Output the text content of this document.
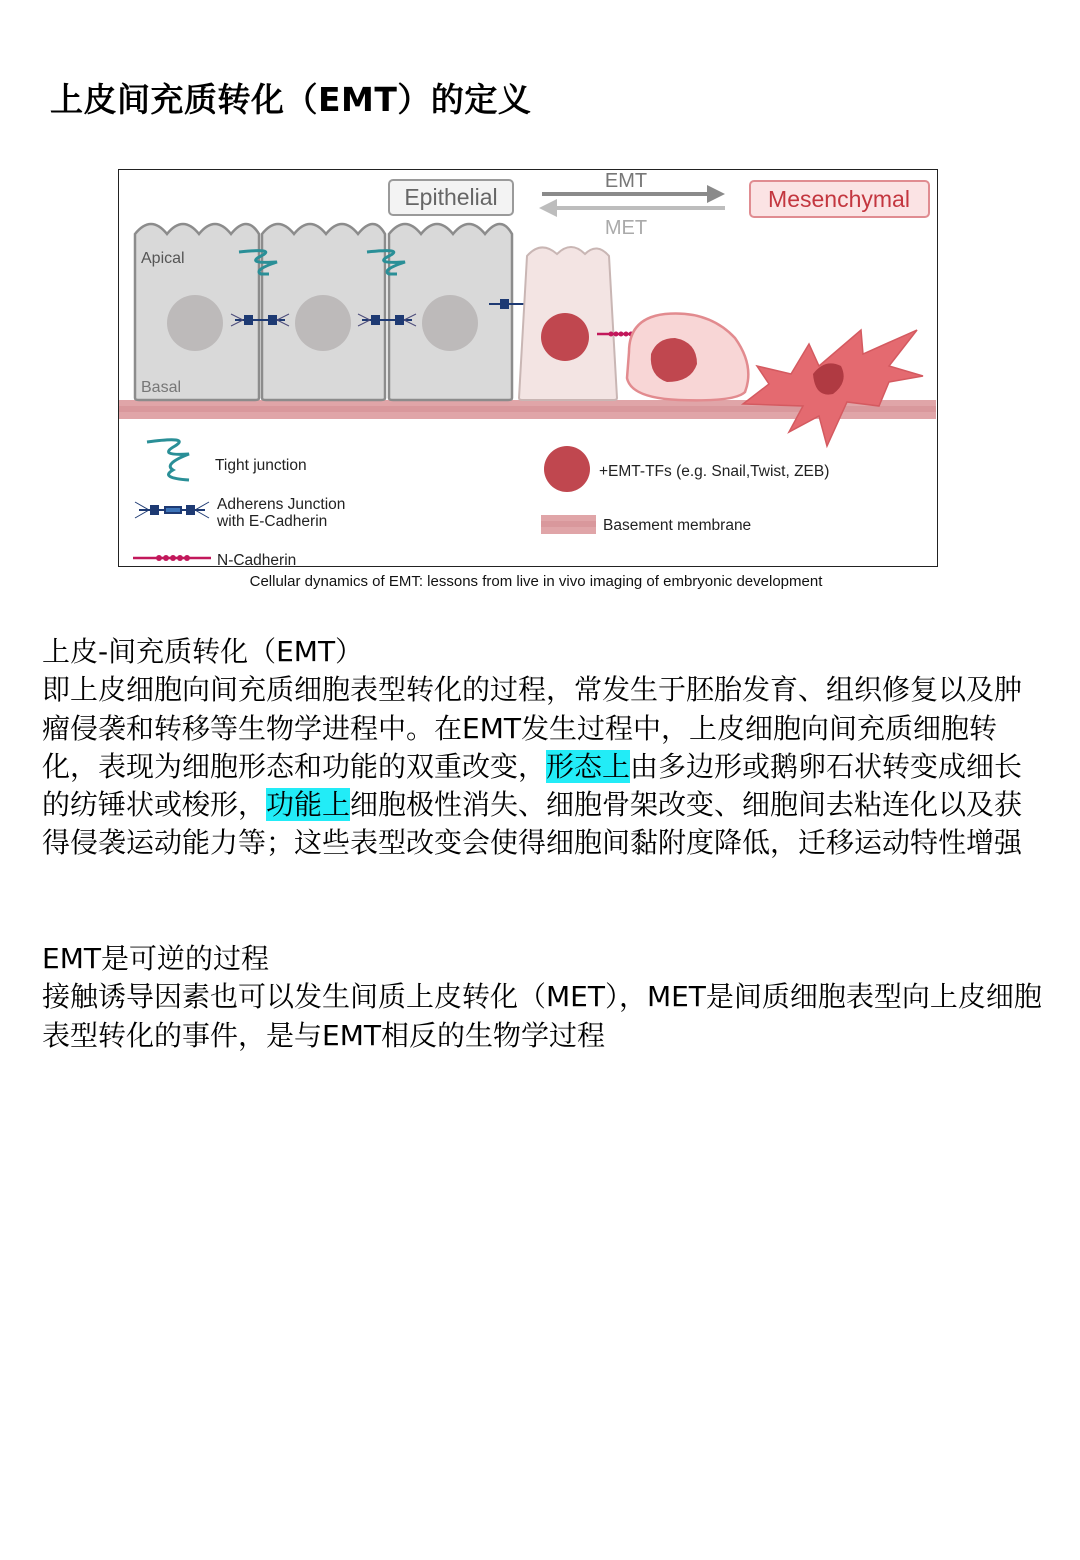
上皮间充质转化（EMT）的定义
Epithelial	Mesenchymal
EMT
MET
Apical
Basal
Tight junction
Adherens Junction
with E-Cadherin
N-Cadherin
+EMT-TFs (e.g. Snail,Twist, ZEB)
Basement membrane
Cellular dynamics of EMT: lessons from live in vivo imaging of embryonic development

上皮-间充质转化（EMT）

即上皮细胞向间充质细胞表型转化的过程，常发生于胚胎发育、组织修复以及肿瘤侵袭和转移等生物学进程中。在EMT发生过程中，上皮细胞向间充质细胞转化，表现为细胞形态和功能的双重改变，形态上由多边形或鹅卵石状转变成细长的纺锤状或梭形，功能上细胞极性消失、细胞骨架改变、细胞间去粘连化以及获得侵袭运动能力等；这些表型改变会使得细胞间黏附度降低，迁移运动特性增强

EMT是可逆的过程

接触诱导因素也可以发生间质上皮转化（MET），MET是间质细胞表型向上皮细胞表型转化的事件，是与EMT相反的生物学过程
